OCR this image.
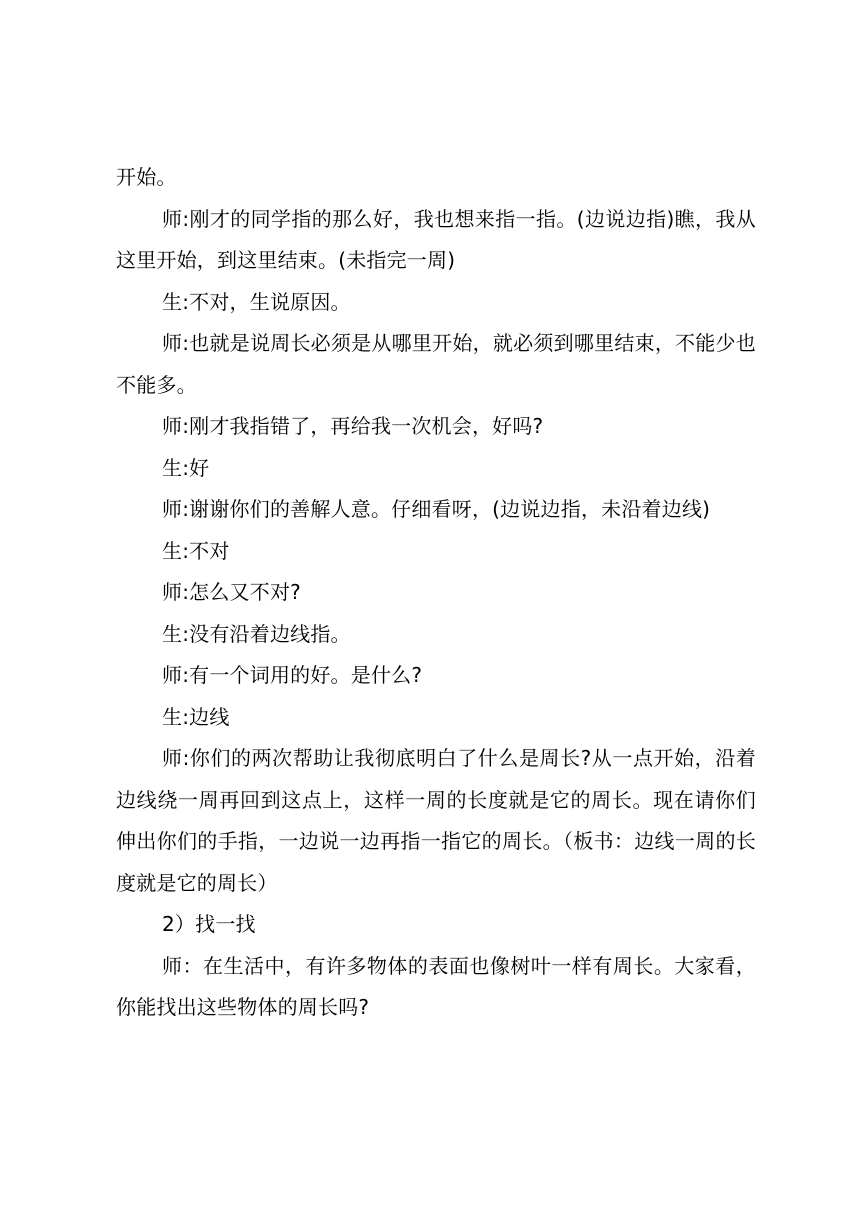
开始。

师:刚才的同学指的那么好，我也想来指一指。(边说边指)瞧，我从这里开始，到这里结束。(未指完一周)

生:不对，生说原因。

师:也就是说周长必须是从哪里开始，就必须到哪里结束，不能少也不能多。

师:刚才我指错了，再给我一次机会，好吗?

生:好

师:谢谢你们的善解人意。仔细看呀，(边说边指，未沿着边线)

生:不对

师:怎么又不对?

生:没有沿着边线指。

师:有一个词用的好。是什么?

生:边线

师:你们的两次帮助让我彻底明白了什么是周长?从一点开始，沿着边线绕一周再回到这点上，这样一周的长度就是它的周长。现在请你们伸出你们的手指，一边说一边再指一指它的周长。（板书：边线一周的长度就是它的周长）

2）找一找

师：在生活中，有许多物体的表面也像树叶一样有周长。大家看，你能找出这些物体的周长吗?
